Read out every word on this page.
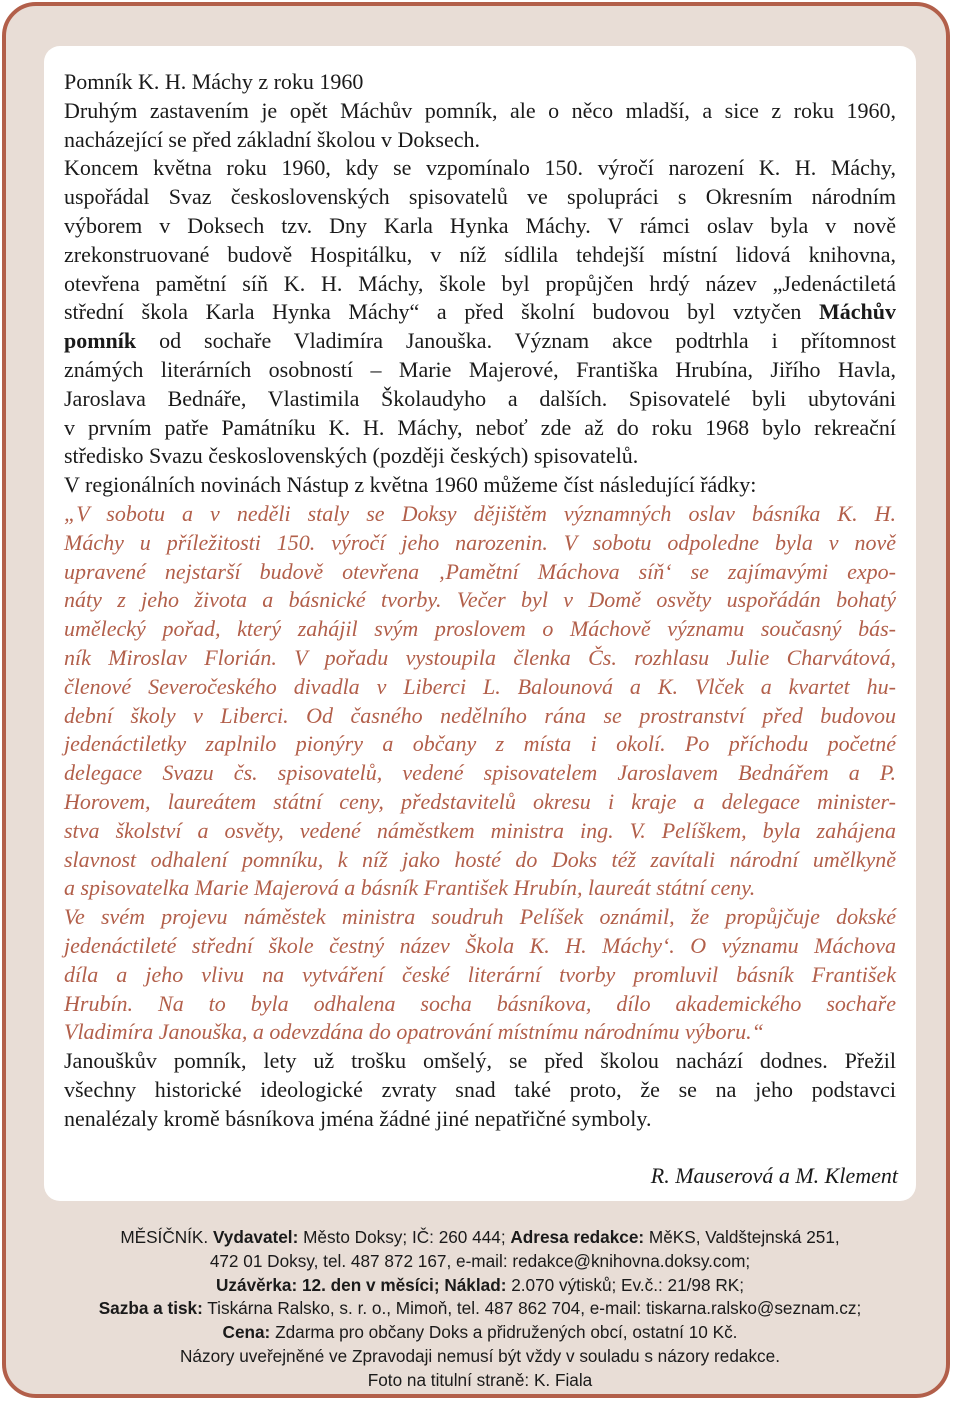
Pomník K. H. Máchy z roku 1960
Druhým zastavením je opět Máchův pomník, ale o něco mladší, a sice z roku 1960,
nacházející se před základní školou v Doksech.
Koncem května roku 1960, kdy se vzpomínalo 150. výročí narození K. H. Máchy,
uspořádal Svaz československých spisovatelů ve spolupráci s Okresním národním
výborem v Doksech tzv. Dny Karla Hynka Máchy. V rámci oslav byla v nově
zrekonstruované budově Hospitálku, v níž sídlila tehdejší místní lidová knihovna,
otevřena pamětní síň K. H. Máchy, škole byl propůjčen hrdý název „Jedenáctiletá
střední škola Karla Hynka Máchy“ a před školní budovou byl vztyčen Máchův
pomník od sochaře Vladimíra Janouška. Význam akce podtrhla i přítomnost
známých literárních osobností – Marie Majerové, Františka Hrubína, Jiřího Havla,
Jaroslava Bednáře, Vlastimila Školaudyho a dalších. Spisovatelé byli ubytováni
v prvním patře Památníku K. H. Máchy, neboť zde až do roku 1968 bylo rekreační
středisko Svazu československých (později českých) spisovatelů.
V regionálních novinách Nástup z května 1960 můžeme číst následující řádky:
„V sobotu a v neděli staly se Doksy dějištěm významných oslav básníka K. H.
Máchy u příležitosti 150. výročí jeho narozenin. V sobotu odpoledne byla v nově
upravené nejstarší budově otevřena ‚Pamětní Máchova síň‘ se zajímavými expo-
náty z jeho života a básnické tvorby. Večer byl v Domě osvěty uspořádán bohatý
umělecký pořad, který zahájil svým proslovem o Máchově významu současný bás-
ník Miroslav Florián. V pořadu vystoupila členka Čs. rozhlasu Julie Charvátová,
členové Severočeského divadla v Liberci L. Balounová a K. Vlček a kvartet hu-
dební školy v Liberci. Od časného nedělního rána se prostranství před budovou
jedenáctiletky zaplnilo pionýry a občany z místa i okolí. Po příchodu početné
delegace Svazu čs. spisovatelů, vedené spisovatelem Jaroslavem Bednářem a P.
Horovem, laureátem státní ceny, představitelů okresu i kraje a delegace minister-
stva školství a osvěty, vedené náměstkem ministra ing. V. Pelíškem, byla zahájena
slavnost odhalení pomníku, k níž jako hosté do Doks též zavítali národní umělkyně
a spisovatelka Marie Majerová a básník František Hrubín, laureát státní ceny.
Ve svém projevu náměstek ministra soudruh Pelíšek oznámil, že propůjčuje dokské
jedenáctileté střední škole čestný název Škola K. H. Máchy‘. O významu Máchova
díla a jeho vlivu na vytváření české literární tvorby promluvil básník František
Hrubín. Na to byla odhalena socha básníkova, dílo akademického sochaře
Vladimíra Janouška, a odevzdána do opatrování místnímu národnímu výboru.“
Janouškův pomník, lety už trošku omšelý, se před školou nachází dodnes. Přežil
všechny historické ideologické zvraty snad také proto, že se na jeho podstavci
nenalézaly kromě básníkova jména žádné jiné nepatřičné symboly.
R. Mauserová a M. Klement
MĚSÍČNÍK. Vydavatel: Město Doksy; IČ: 260 444; Adresa redakce: MěKS, Valdštejnská 251,
472 01 Doksy, tel. 487 872 167, e-mail: redakce@knihovna.doksy.com;
Uzávěrka: 12. den v měsíci; Náklad: 2.070 výtisků; Ev.č.: 21/98 RK;
Sazba a tisk: Tiskárna Ralsko, s. r. o., Mimoň, tel. 487 862 704, e-mail: tiskarna.ralsko@seznam.cz;
Cena: Zdarma pro občany Doks a přidružených obcí, ostatní 10 Kč.
Názory uveřejněné ve Zpravodaji nemusí být vždy v souladu s názory redakce.
Foto na titulní straně: K. Fiala
